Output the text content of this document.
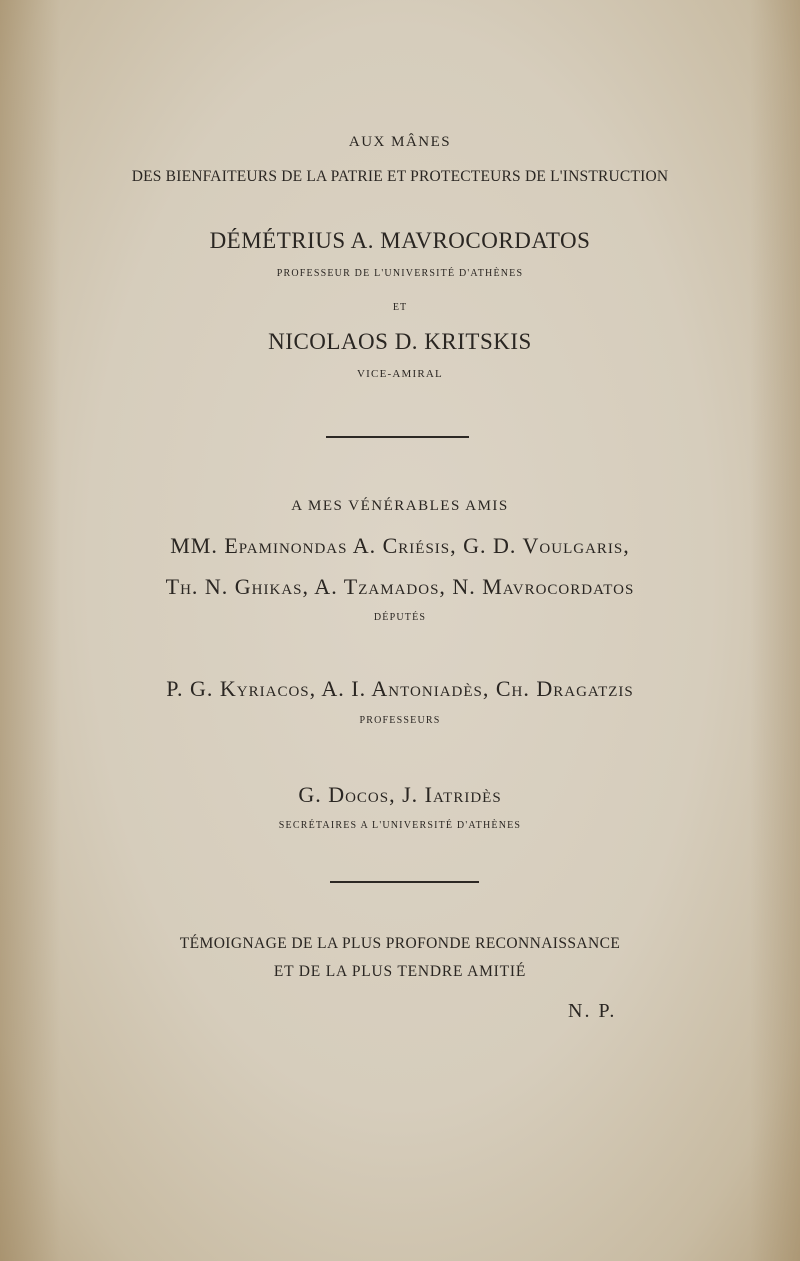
AUX MÂNES
DES BIENFAITEURS DE LA PATRIE ET PROTECTEURS DE L'INSTRUCTION
DÉMÉTRIUS A. MAVROCORDATOS
PROFESSEUR DE L'UNIVERSITÉ D'ATHÈNES
ET
NICOLAOS D. KRITSKIS
VICE-AMIRAL
A MES VÉNÉRABLES AMIS
MM. Epaminondas A. Criésis, G. D. Voulgaris,
Th. N. Ghikas, A. Tzamados, N. Mavrocordatos
DÉPUTÉS
P. G. Kyriacos, A. I. Antoniadès, Ch. Dragatzis
PROFESSEURS
G. Docos, J. Iatridès
SECRÉTAIRES A L'UNIVERSITÉ D'ATHÈNES
TÉMOIGNAGE DE LA PLUS PROFONDE RECONNAISSANCE
ET DE LA PLUS TENDRE AMITIÉ
N. P.
